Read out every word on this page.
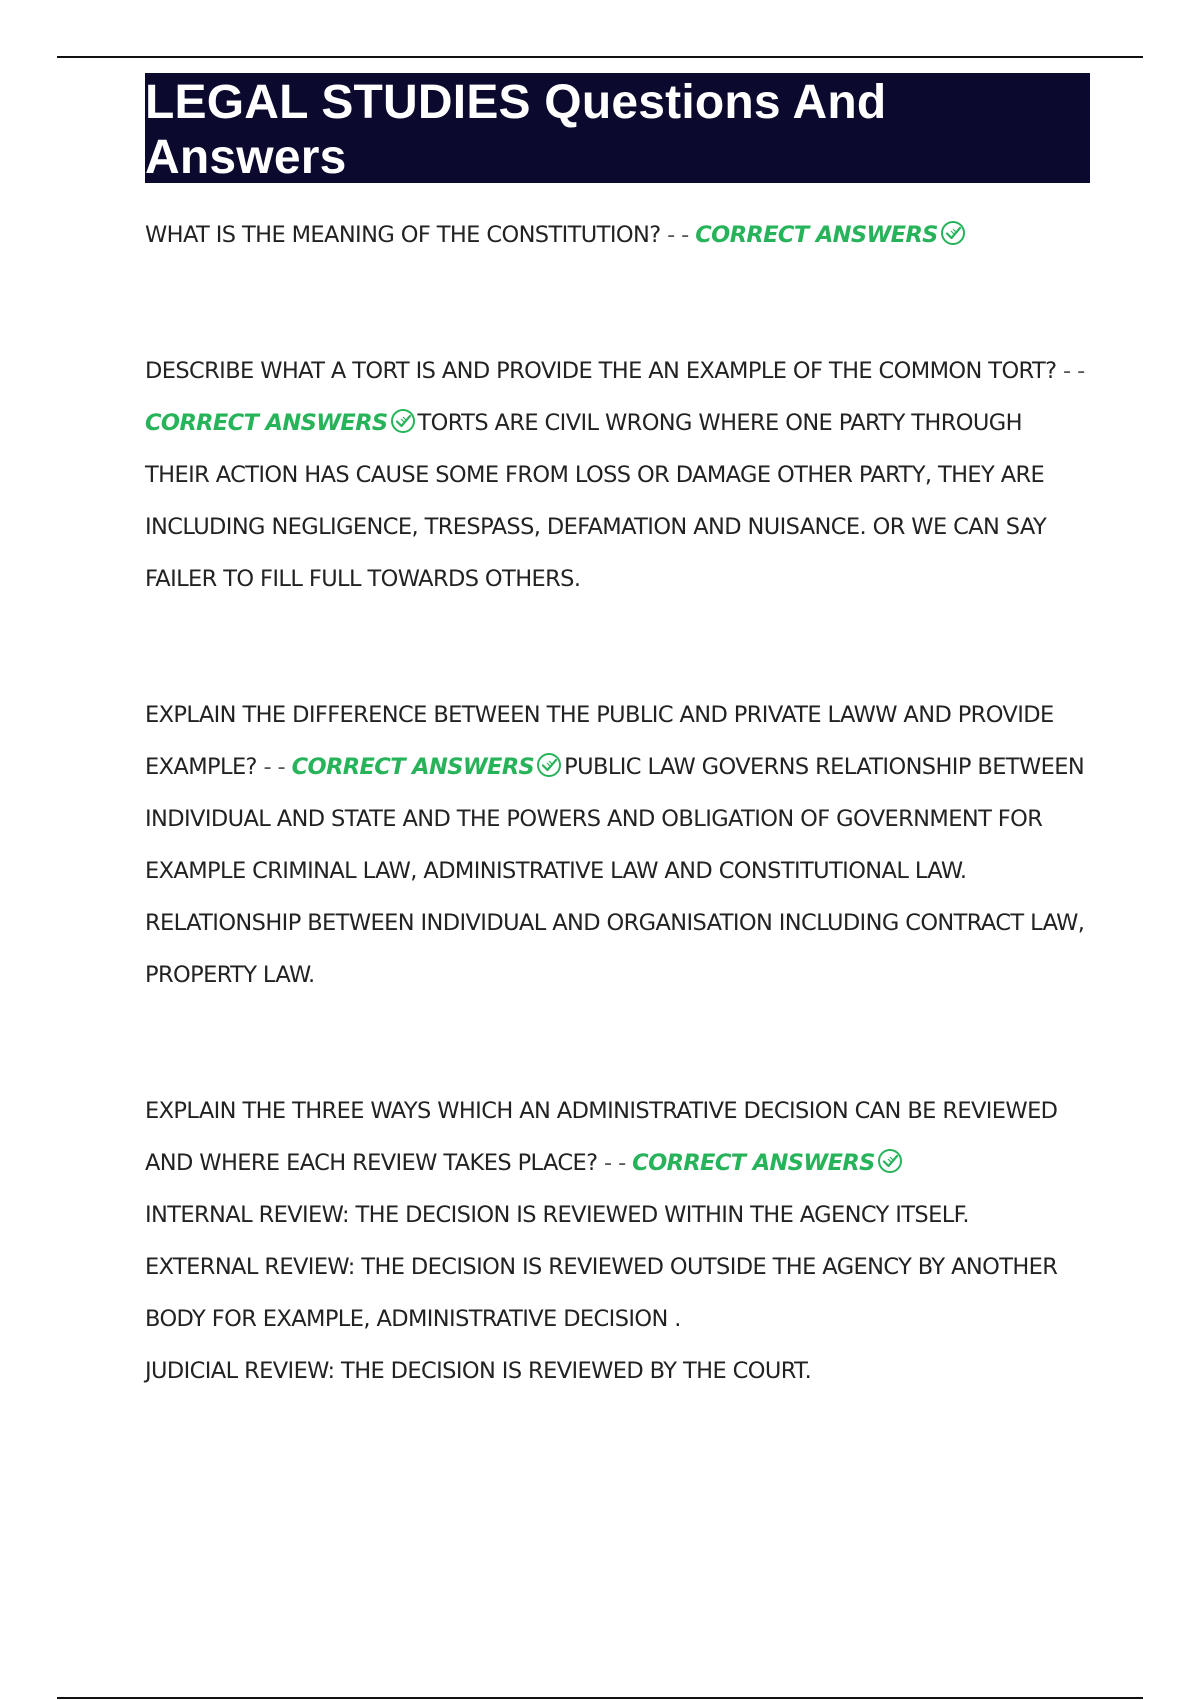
LEGAL STUDIES Questions And Answers

WHAT IS THE MEANING OF THE CONSTITUTION? - - CORRECT ANSWERS

DESCRIBE WHAT A TORT IS AND PROVIDE THE AN EXAMPLE OF THE COMMON TORT? - - CORRECT ANSWERS TORTS ARE CIVIL WRONG WHERE ONE PARTY THROUGH THEIR ACTION HAS CAUSE SOME FROM LOSS OR DAMAGE OTHER PARTY, THEY ARE INCLUDING NEGLIGENCE, TRESPASS, DEFAMATION AND NUISANCE. OR WE CAN SAY FAILER TO FILL FULL TOWARDS OTHERS.

EXPLAIN THE DIFFERENCE BETWEEN THE PUBLIC AND PRIVATE LAWW AND PROVIDE EXAMPLE? - - CORRECT ANSWERS PUBLIC LAW GOVERNS RELATIONSHIP BETWEEN INDIVIDUAL AND STATE AND THE POWERS AND OBLIGATION OF GOVERNMENT FOR EXAMPLE CRIMINAL LAW, ADMINISTRATIVE LAW AND CONSTITUTIONAL LAW. RELATIONSHIP BETWEEN INDIVIDUAL AND ORGANISATION INCLUDING CONTRACT LAW, PROPERTY LAW.

EXPLAIN THE THREE WAYS WHICH AN ADMINISTRATIVE DECISION CAN BE REVIEWED AND WHERE EACH REVIEW TAKES PLACE? - - CORRECT ANSWERS

INTERNAL REVIEW: THE DECISION IS REVIEWED WITHIN THE AGENCY ITSELF.

EXTERNAL REVIEW: THE DECISION IS REVIEWED OUTSIDE THE AGENCY BY ANOTHER BODY FOR EXAMPLE, ADMINISTRATIVE DECISION .

JUDICIAL REVIEW: THE DECISION IS REVIEWED BY THE COURT.
